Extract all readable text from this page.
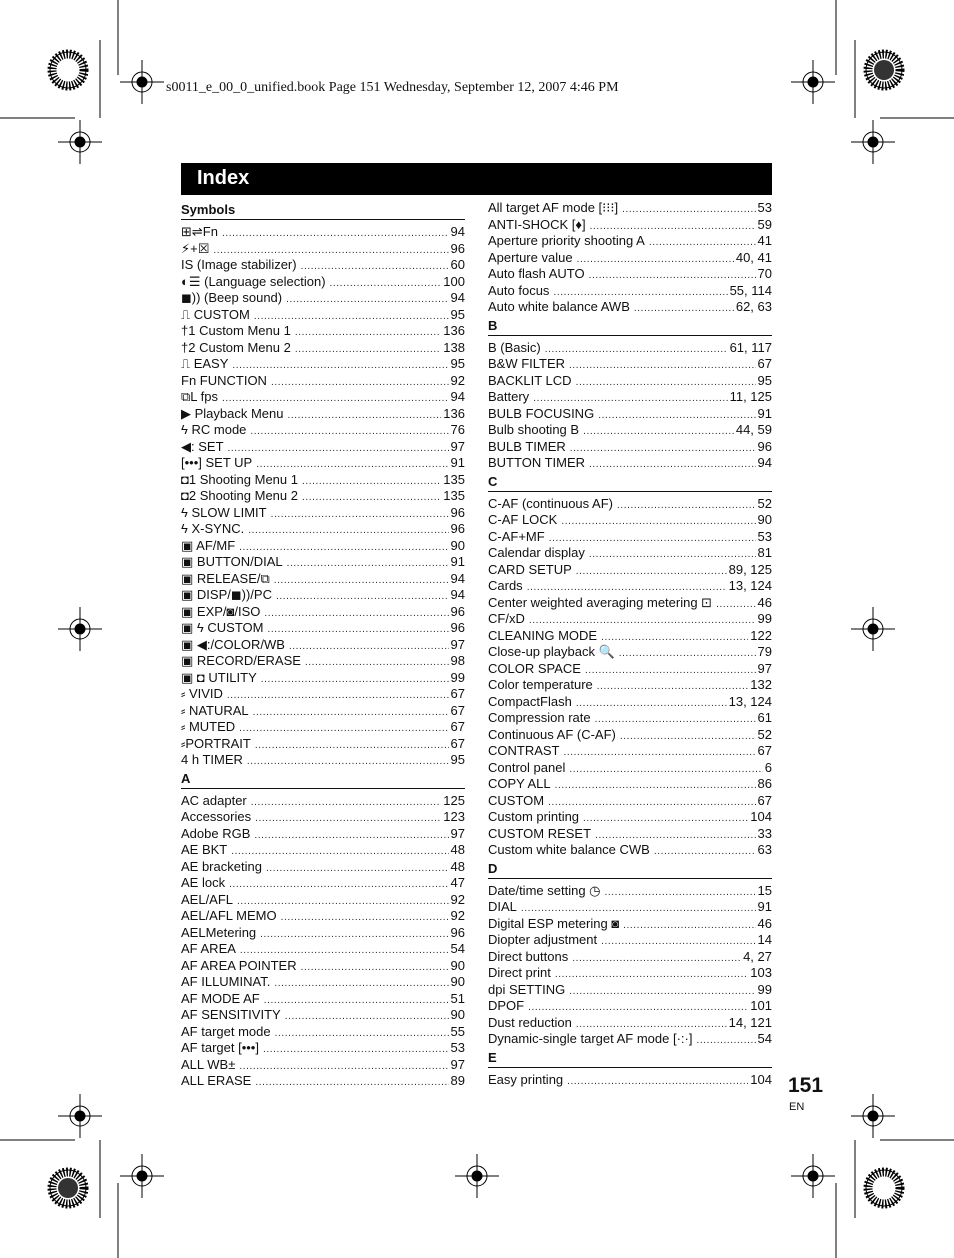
s0011_e_00_0_unified.book Page 151 Wednesday, September 12, 2007 4:46 PM
Index
Symbols
⊞⇌Fn .....	94
⚡+☒ .....	96
IS (Image stabilizer) .....	60
◐☰ (Language selection) .....	100
◼)) (Beep sound) .....	94
⎍ CUSTOM .....	95
†1 Custom Menu 1 .....	136
†2 Custom Menu 2 .....	138
⎍ EASY .....	95
Fn FUNCTION .....	92
⧉L fps .....	94
▶ Playback Menu .....	136
ϟ RC mode .....	76
◀: SET .....	97
[•••] SET UP .....	91
◘1 Shooting Menu 1 .....	135
◘2 Shooting Menu 2 .....	135
ϟ SLOW LIMIT .....	96
ϟ X-SYNC. .....	96
▣ AF/MF .....	90
▣ BUTTON/DIAL .....	91
▣ RELEASE/⧉ .....	94
▣ DISP/◼))/PC .....	94
▣ EXP/◙/ISO .....	96
▣ ϟ CUSTOM .....	96
▣ ◀:/COLOR/WB .....	97
▣ RECORD/ERASE .....	98
▣ ◘ UTILITY .....	99
⸗ VIVID .....	67
⸗ NATURAL .....	67
⸗ MUTED .....	67
⸗PORTRAIT .....	67
4 h TIMER .....	95
A
AC adapter .....	125
Accessories .....	123
Adobe RGB .....	97
AE BKT .....	48
AE bracketing .....	48
AE lock .....	47
AEL/AFL .....	92
AEL/AFL MEMO .....	92
AELMetering .....	96
AF AREA .....	54
AF AREA POINTER .....	90
AF ILLUMINAT. .....	90
AF MODE AF .....	51
AF SENSITIVITY .....	90
AF target mode .....	55
AF target [•••] .....	53
ALL WB± .....	97
ALL ERASE .....	89
All target AF mode [⁝⁝⁝] .....	53
ANTI-SHOCK [♦] .....	59
Aperture priority shooting A .....	41
Aperture value .....	40, 41
Auto flash AUTO .....	70
Auto focus .....	55, 114
Auto white balance AWB .....	62, 63
B
B (Basic) .....	61, 117
B&W FILTER .....	67
BACKLIT LCD .....	95
Battery .....	11, 125
BULB FOCUSING .....	91
Bulb shooting B .....	44, 59
BULB TIMER .....	96
BUTTON TIMER .....	94
C
C-AF (continuous AF) .....	52
C-AF LOCK .....	90
C-AF+MF .....	53
Calendar display .....	81
CARD SETUP .....	89, 125
Cards .....	13, 124
Center weighted averaging metering ⊡ .....	46
CF/xD .....	99
CLEANING MODE .....	122
Close-up playback 🔍 .....	79
COLOR SPACE .....	97
Color temperature .....	132
CompactFlash .....	13, 124
Compression rate .....	61
Continuous AF (C-AF) .....	52
CONTRAST .....	67
Control panel .....	6
COPY ALL .....	86
CUSTOM .....	67
Custom printing .....	104
CUSTOM RESET .....	33
Custom white balance CWB .....	63
D
Date/time setting ◷ .....	15
DIAL .....	91
Digital ESP metering ◙ .....	46
Diopter adjustment .....	14
Direct buttons .....	4, 27
Direct print .....	103
dpi SETTING .....	99
DPOF .....	101
Dust reduction .....	14, 121
Dynamic-single target AF mode [·:·] .....	54
E
Easy printing .....	104 151
EN
